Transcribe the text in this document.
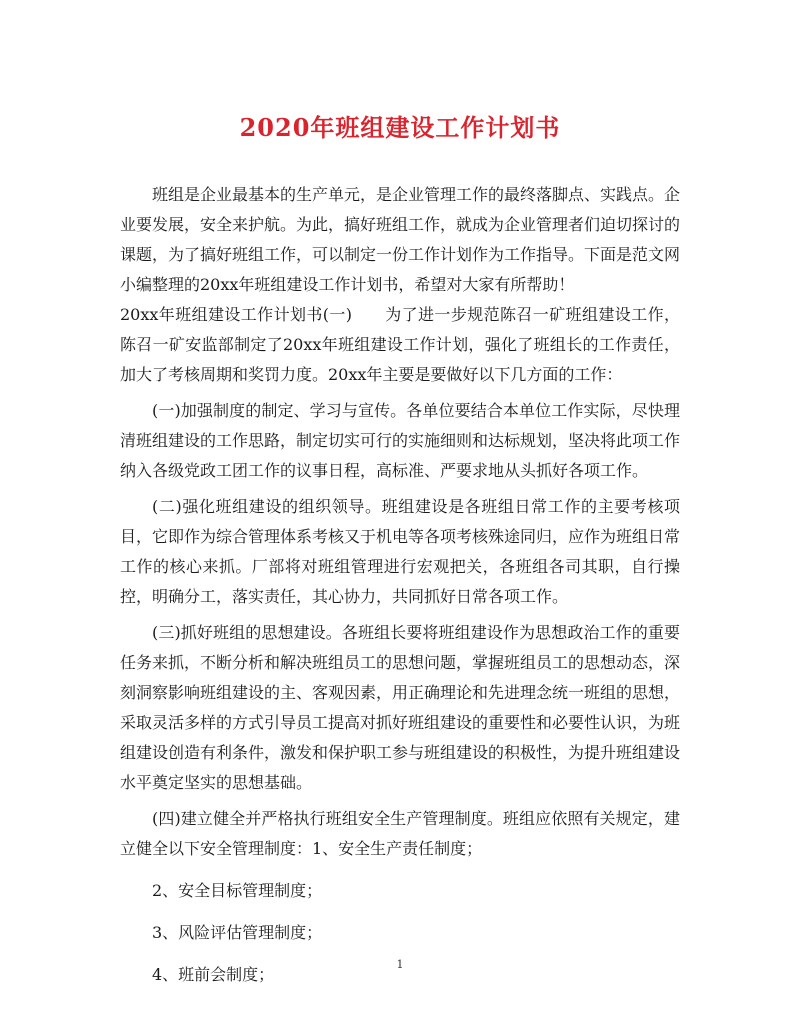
2020年班组建设工作计划书

班组是企业最基本的生产单元，是企业管理工作的最终落脚点、实践点。企业要发展，安全来护航。为此，搞好班组工作，就成为企业管理者们迫切探讨的课题，为了搞好班组工作，可以制定一份工作计划作为工作指导。下面是范文网小编整理的20xx年班组建设工作计划书，希望对大家有所帮助！

20xx年班组建设工作计划书(一)　　为了进一步规范陈召一矿班组建设工作，陈召一矿安监部制定了20xx年班组建设工作计划，强化了班组长的工作责任，加大了考核周期和奖罚力度。20xx年主要是要做好以下几方面的工作：

(一)加强制度的制定、学习与宣传。各单位要结合本单位工作实际，尽快理清班组建设的工作思路，制定切实可行的实施细则和达标规划，坚决将此项工作纳入各级党政工团工作的议事日程，高标准、严要求地从头抓好各项工作。

(二)强化班组建设的组织领导。班组建设是各班组日常工作的主要考核项目，它即作为综合管理体系考核又于机电等各项考核殊途同归，应作为班组日常工作的核心来抓。厂部将对班组管理进行宏观把关，各班组各司其职，自行操控，明确分工，落实责任，其心协力，共同抓好日常各项工作。

(三)抓好班组的思想建设。各班组长要将班组建设作为思想政治工作的重要任务来抓，不断分析和解决班组员工的思想问题，掌握班组员工的思想动态，深刻洞察影响班组建设的主、客观因素，用正确理论和先进理念统一班组的思想，采取灵活多样的方式引导员工提高对抓好班组建设的重要性和必要性认识，为班组建设创造有利条件，激发和保护职工参与班组建设的积极性，为提升班组建设水平奠定坚实的思想基础。

(四)建立健全并严格执行班组安全生产管理制度。班组应依照有关规定，建立健全以下安全管理制度：1、安全生产责任制度；

2、安全目标管理制度；

3、风险评估管理制度；

4、班前会制度；

1
